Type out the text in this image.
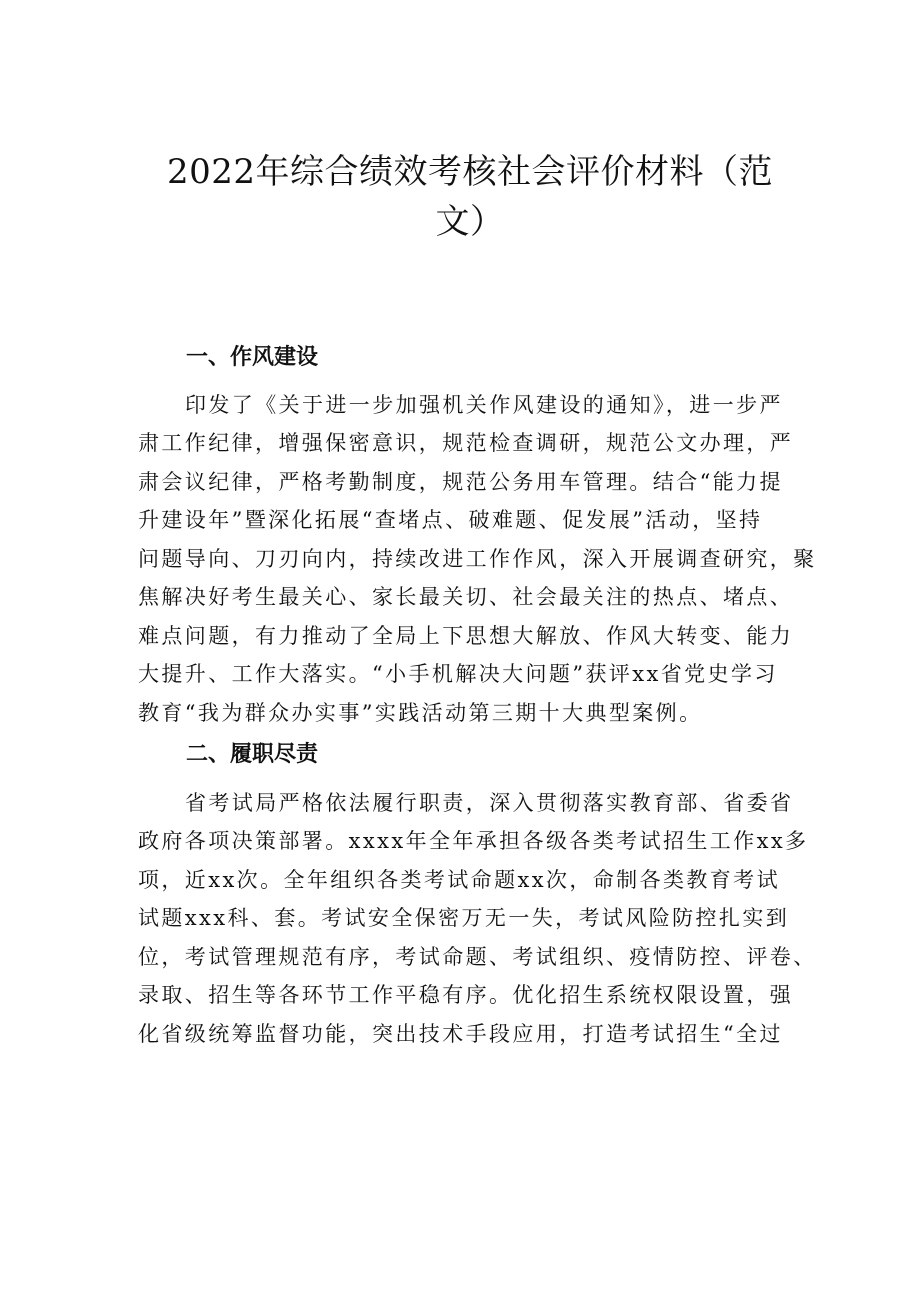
2022年综合绩效考核社会评价材料（范
文）
一、作风建设
印发了《关于进一步加强机关作风建设的通知》，进一步严
肃工作纪律，增强保密意识，规范检查调研，规范公文办理，严
肃会议纪律，严格考勤制度，规范公务用车管理。结合“能力提
升建设年”暨深化拓展“查堵点、破难题、促发展”活动，坚持
问题导向、刀刃向内，持续改进工作作风，深入开展调查研究，聚
焦解决好考生最关心、家长最关切、社会最关注的热点、堵点、
难点问题，有力推动了全局上下思想大解放、作风大转变、能力
大提升、工作大落实。“小手机解决大问题”获评xx省党史学习
教育“我为群众办实事”实践活动第三期十大典型案例。
二、履职尽责
省考试局严格依法履行职责，深入贯彻落实教育部、省委省
政府各项决策部署。xxxx年全年承担各级各类考试招生工作xx多
项，近xx次。全年组织各类考试命题xx次，命制各类教育考试
试题xxx科、套。考试安全保密万无一失，考试风险防控扎实到
位，考试管理规范有序，考试命题、考试组织、疫情防控、评卷、
录取、招生等各环节工作平稳有序。优化招生系统权限设置，强
化省级统筹监督功能，突出技术手段应用，打造考试招生“全过
